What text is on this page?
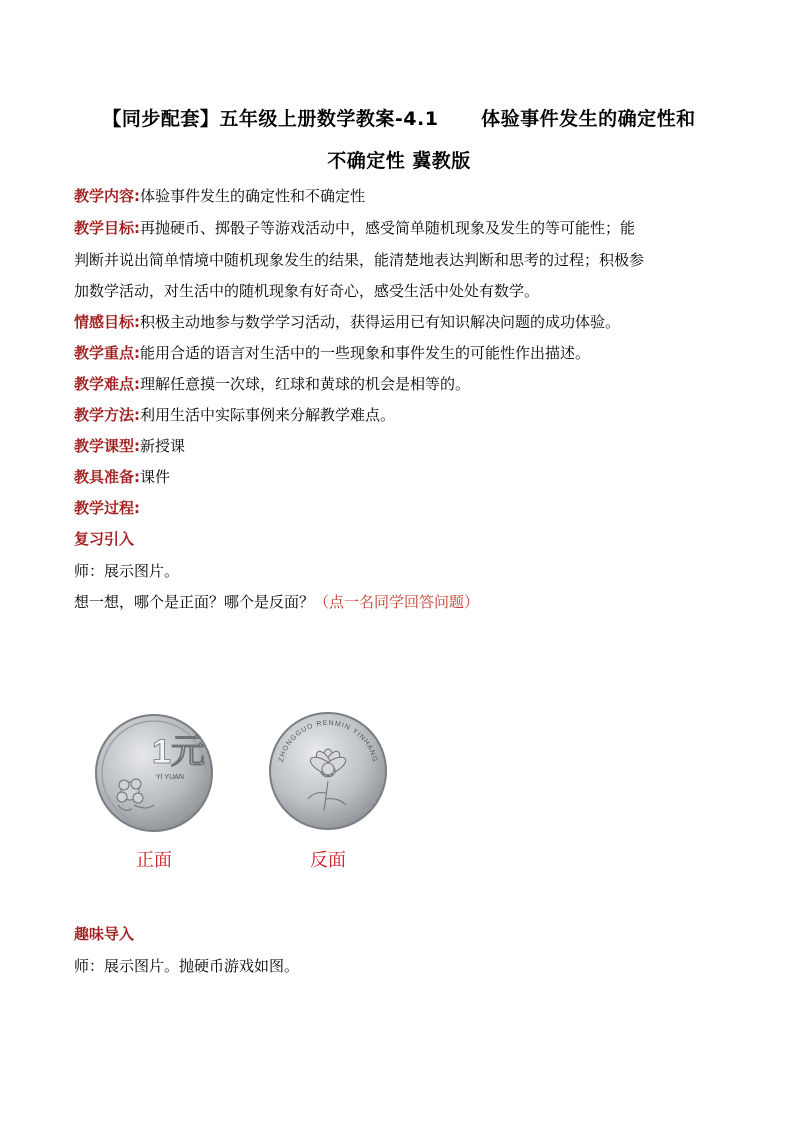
【同步配套】五年级上册数学教案-4.1      体验事件发生的确定性和
不确定性 冀教版
教学内容:体验事件发生的确定性和不确定性
教学目标:再抛硬币、掷骰子等游戏活动中，感受简单随机现象及发生的等可能性；能
判断并说出简单情境中随机现象发生的结果，能清楚地表达判断和思考的过程；积极参
加数学活动，对生活中的随机现象有好奇心，感受生活中处处有数学。
情感目标:积极主动地参与数学学习活动，获得运用已有知识解决问题的成功体验。
教学重点:能用合适的语言对生活中的一些现象和事件发生的可能性作出描述。
教学难点:理解任意摸一次球，红球和黄球的机会是相等的。
教学方法:利用生活中实际事例来分解教学难点。
教学课型:新授课
教具准备:课件
教学过程:
复习引入
师：展示图片。
想一想，哪个是正面？哪个是反面？（点一名同学回答问题）
1元
YI YUAN
ZHONGGUO RENMIN YINHANG
正面	反面
趣味导入
师：展示图片。抛硬币游戏如图。
